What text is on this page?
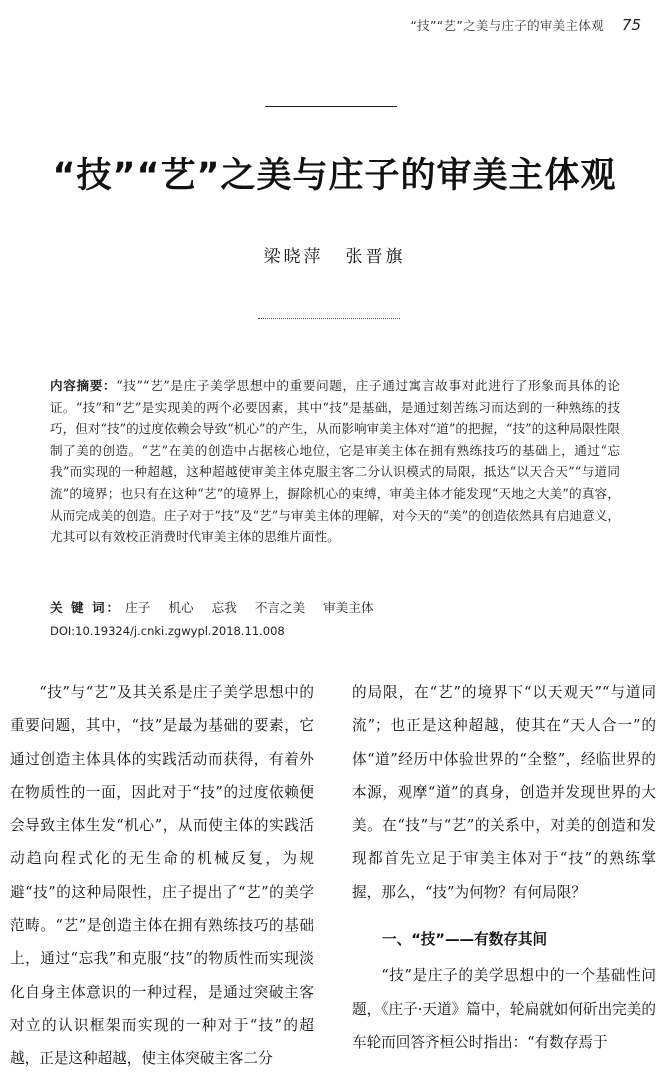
“技”“艺”之美与庄子的审美主体观 75
“技”“艺”之美与庄子的审美主体观
梁晓萍 张晋旗
内容摘要：“技”“艺”是庄子美学思想中的重要问题，庄子通过寓言故事对此进行了形象而具体的论证。“技”和“艺”是实现美的两个必要因素，其中“技”是基础，是通过刻苦练习而达到的一种熟练的技巧，但对“技”的过度依赖会导致“机心”的产生，从而影响审美主体对“道”的把握，“技”的这种局限性限制了美的创造。“艺”在美的创造中占据核心地位，它是审美主体在拥有熟练技巧的基础上，通过“忘我”而实现的一种超越，这种超越使审美主体克服主客二分认识模式的局限，抵达“以天合天”“与道同流”的境界；也只有在这种“艺”的境界上，摒除机心的束缚，审美主体才能发现“天地之大美”的真容，从而完成美的创造。庄子对于“技”及“艺”与审美主体的理解，对今天的“美”的创造依然具有启迪意义，尤其可以有效校正消费时代审美主体的思维片面性。
关 键 词： 庄子 机心 忘我 不言之美 审美主体
DOI:10.19324/j.cnki.zgwypl.2018.11.008

“技”与“艺”及其关系是庄子美学思想中的重要问题，其中，“技”是最为基础的要素，它通过创造主体具体的实践活动而获得，有着外在物质性的一面，因此对于“技”的过度依赖便会导致主体生发“机心”，从而使主体的实践活动趋向程式化的无生命的机械反复，为规避“技”的这种局限性，庄子提出了“艺”的美学范畴。“艺”是创造主体在拥有熟练技巧的基础上，通过“忘我”和克服“技”的物质性而实现淡化自身主体意识的一种过程，是通过突破主客对立的认识框架而实现的一种对于“技”的超越，正是这种超越，使主体突破主客二分

的局限，在“艺”的境界下“以天观天”“与道同流”；也正是这种超越，使其在“天人合一”的体“道”经历中体验世界的“全整”，经临世界的本源，观摩“道”的真身，创造并发现世界的大美。在“技”与“艺”的关系中，对美的创造和发现都首先立足于审美主体对于“技”的熟练掌握，那么，“技”为何物？有何局限？

一、“技”——有数存其间

“技”是庄子的美学思想中的一个基础性问题，《庄子·天道》篇中，轮扁就如何斫出完美的车轮而回答齐桓公时指出：“有数存焉于
